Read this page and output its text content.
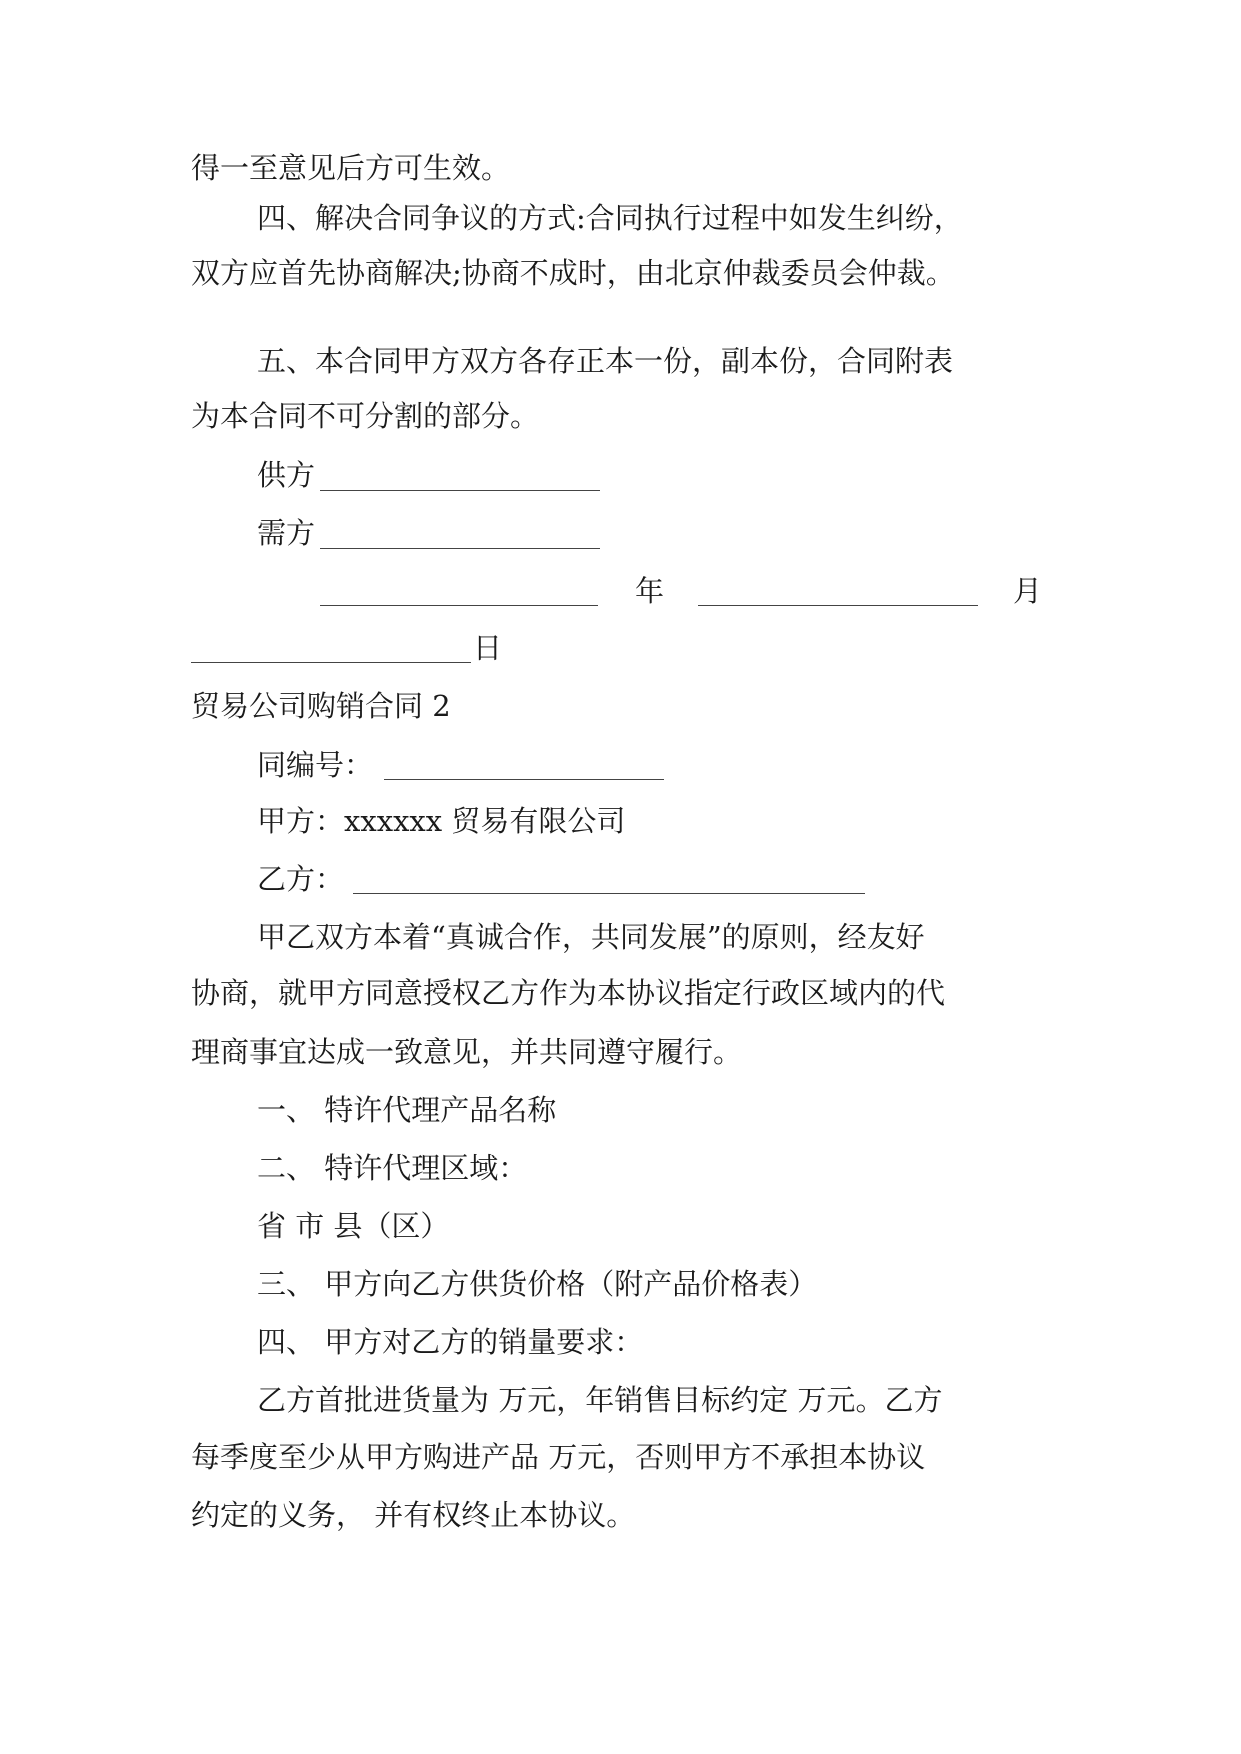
得一至意见后方可生效。
四、解决合同争议的方式:合同执行过程中如发生纠纷，
双方应首先协商解决;协商不成时，由北京仲裁委员会仲裁。
五、本合同甲方双方各存正本一份，副本份，合同附表
为本合同不可分割的部分。
供方
需方
年	月
日
贸易公司购销合同 2
同编号：
甲方：xxxxxx 贸易有限公司
乙方：
甲乙双方本着“真诚合作，共同发展”的原则，经友好
协商，就甲方同意授权乙方作为本协议指定行政区域内的代
理商事宜达成一致意见，并共同遵守履行。
一、 特许代理产品名称
二、 特许代理区域：
省 市 县（区）
三、 甲方向乙方供货价格（附产品价格表）
四、 甲方对乙方的销量要求：
乙方首批进货量为 万元，年销售目标约定 万元。乙方
每季度至少从甲方购进产品 万元，否则甲方不承担本协议
约定的义务， 并有权终止本协议。
